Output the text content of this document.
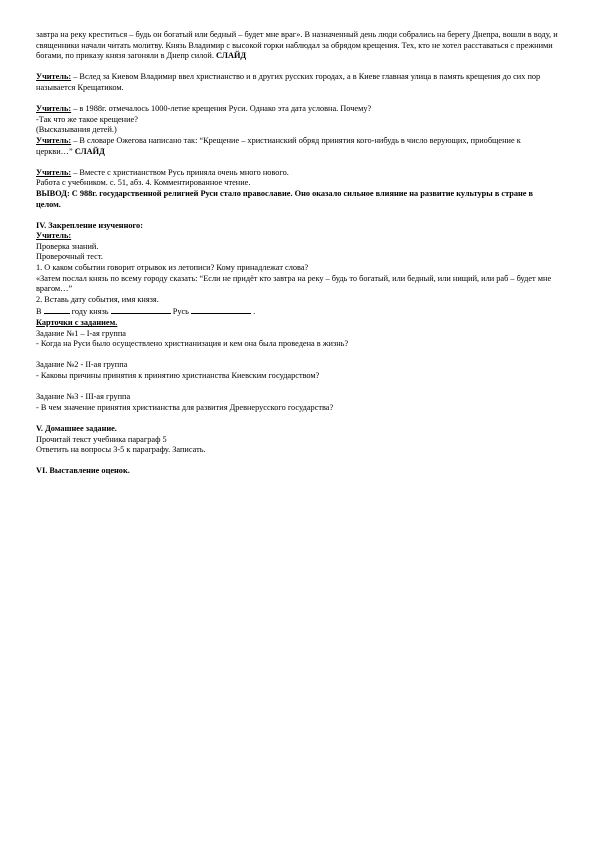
завтра на реку креститься – будь он богатый или бедный – будет мне враг». В назначенный день люди собрались на берегу Днепра, вошли в воду, и священники начали читать молитву. Князь Владимир с высокой горки наблюдал за обрядом крещения. Тех, кто не хотел расставаться с прежними богами, по приказу князя загоняли в Днепр силой. СЛАЙД

Учитель: – Вслед за Киевом Владимир ввел христианство и в других русских городах, а в Киеве главная улица в память крещения до сих пор называется Крещатиком.

Учитель: – в 1988г. отмечалось 1000-летие крещения Руси. Однако эта дата условна. Почему?

-Так что же такое крещение?

(Высказывания детей.)

Учитель: – В словаре Ожегова написано так: “Крещение – христианский обряд принятия кого-нибудь в число верующих, приобщение к церкви…” СЛАЙД

Учитель: – Вместе с христианством Русь приняла очень много нового.

Работа с учебником. с. 51, абз. 4. Комментированное чтение.

ВЫВОД: С 988г. государственной религией Руси стало православие. Оно оказало сильное влияние на развитие культуры в стране в целом.

IV. Закрепление изученного:

Учитель:

Проверка знаний.

Проверочный тест.

1. О каком событии говорит отрывок из летописи? Кому принадлежат слова?

«Затем послал князь по всему городу сказать: “Если не придёт кто завтра на реку – будь то богатый, или бедный, или нищий, или раб – будет мне врагом…”

2. Вставь дату события, имя князя.

В	году князь	Русь	.

Карточки с заданием.

Задание №1 – I-ая группа

- Когда на Руси было осуществлено христианизация и кем она была проведена в жизнь?

Задание №2 - II-ая группа

- Каковы причины принятия к принятию христианства Киевским государством?

Задание №3 - III-ая группа

- В чем значение принятия христианства для развития Древнерусского государства?

V. Домашнее задание.

Прочитай текст учебника параграф 5

Ответить на вопросы 3-5 к параграфу. Записать.

VI. Выставление оценок.
